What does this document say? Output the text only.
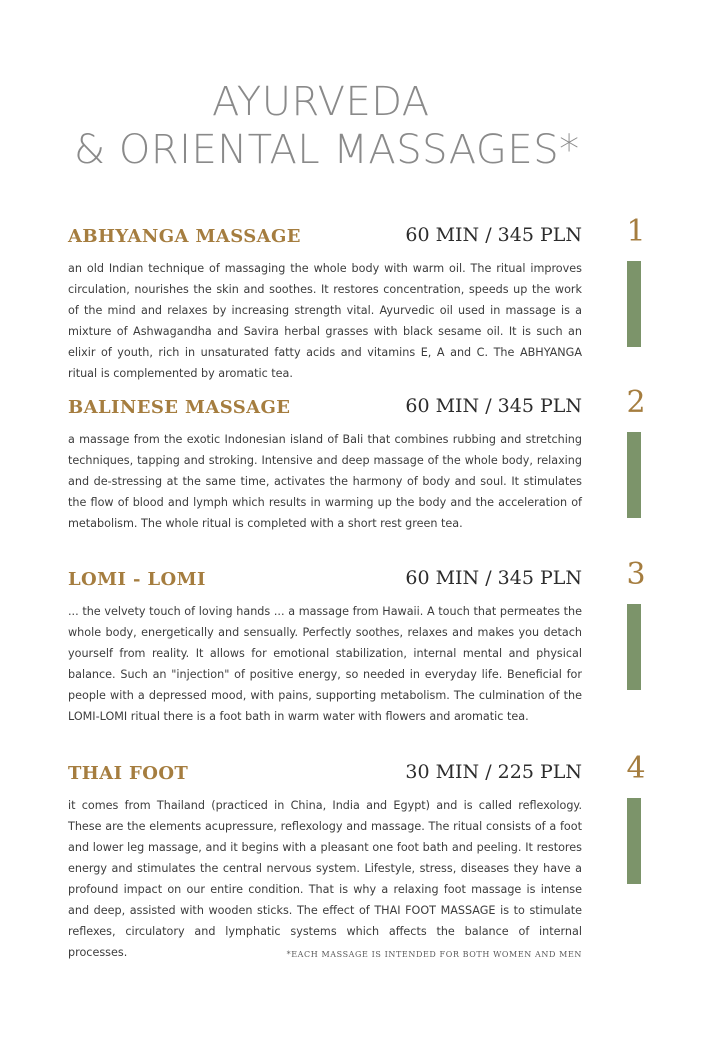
AYURVEDA
& ORIENTAL MASSAGES*
ABHYANGA MASSAGE	60 MIN / 345 PLN

an old Indian technique of massaging the whole body with warm oil. The ritual improves circulation, nourishes the skin and soothes. It restores concentration, speeds up the work of the mind and relaxes by increasing strength vital. Ayurvedic oil used in massage is a mixture of Ashwagandha and Savira herbal grasses with black sesame oil. It is such an elixir of youth, rich in unsaturated fatty acids and vitamins E, A and C. The ABHYANGA ritual is complemented by aromatic tea.

1
BALINESE MASSAGE	60 MIN / 345 PLN

a massage from the exotic Indonesian island of Bali that combines rubbing and stretching techniques, tapping and stroking. Intensive and deep massage of the whole body, relaxing and de-stressing at the same time, activates the harmony of body and soul. It stimulates the flow of blood and lymph which results in warming up the body and the acceleration of metabolism. The whole ritual is completed with a short rest green tea.

2
LOMI - LOMI	60 MIN / 345 PLN

... the velvety touch of loving hands ... a massage from Hawaii. A touch that permeates the whole body, energetically and sensually. Perfectly soothes, relaxes and makes you detach yourself from reality. It allows for emotional stabilization, internal mental and physical balance. Such an "injection" of positive energy, so needed in everyday life. Beneficial for people with a depressed mood, with pains, supporting metabolism. The culmination of the LOMI-LOMI ritual there is a foot bath in warm water with flowers and aromatic tea.

3
THAI FOOT	30 MIN / 225 PLN

it comes from Thailand (practiced in China, India and Egypt) and is called reflexology. These are the elements acupressure, reflexology and massage. The ritual consists of a foot and lower leg massage, and it begins with a pleasant one foot bath and peeling. It restores energy and stimulates the central nervous system. Lifestyle, stress, diseases they have a profound impact on our entire condition. That is why a relaxing foot massage is intense and deep, assisted with wooden sticks. The effect of THAI FOOT MASSAGE is to stimulate reflexes, circulatory and lymphatic systems which affects the balance of internal processes.

4
*EACH MASSAGE IS INTENDED FOR BOTH WOMEN AND MEN
